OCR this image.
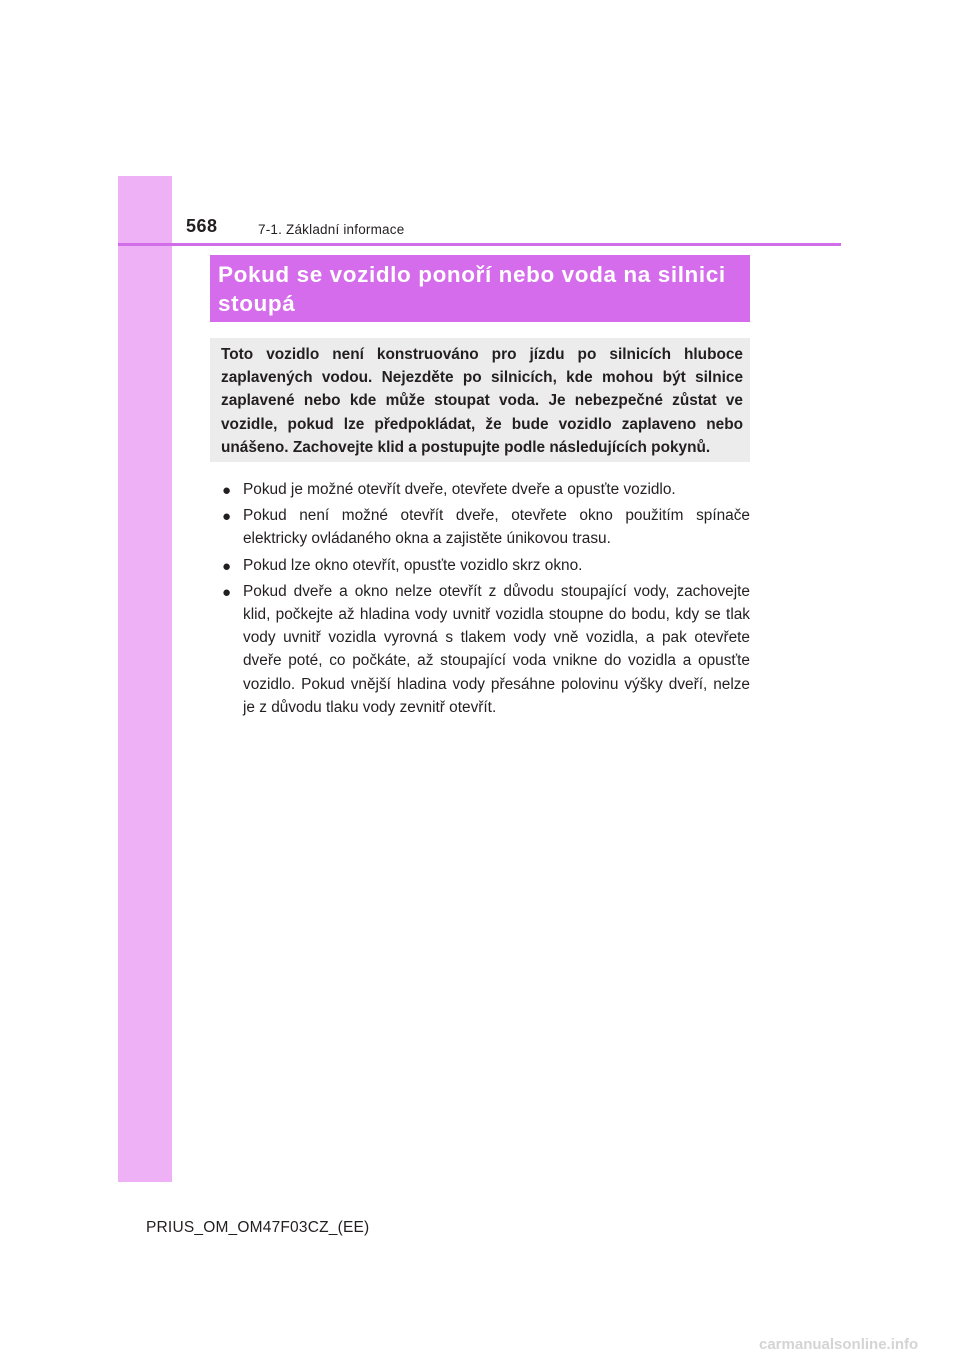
568	7-1. Základní informace
Pokud se vozidlo ponoří nebo voda na silnici stoupá

Toto vozidlo není konstruováno pro jízdu po silnicích hluboce zaplavených vodou. Nejezděte po silnicích, kde mohou být silnice zaplavené nebo kde může stoupat voda. Je nebezpečné zůstat ve vozidle, pokud lze předpokládat, že bude vozidlo zaplaveno nebo unášeno. Zachovejte klid a postupujte podle následujících pokynů.

● Pokud je možné otevřít dveře, otevřete dveře a opusťte vozidlo.
● Pokud není možné otevřít dveře, otevřete okno použitím spínače elektricky ovládaného okna a zajistěte únikovou trasu.
● Pokud lze okno otevřít, opusťte vozidlo skrz okno.
● Pokud dveře a okno nelze otevřít z důvodu stoupající vody, zachovejte klid, počkejte až hladina vody uvnitř vozidla stoupne do bodu, kdy se tlak vody uvnitř vozidla vyrovná s tlakem vody vně vozidla, a pak otevřete dveře poté, co počkáte, až stoupající voda vnikne do vozidla a opusťte vozidlo. Pokud vnější hladina vody přesáhne polovinu výšky dveří, nelze je z důvodu tlaku vody zevnitř otevřít.
PRIUS_OM_OM47F03CZ_(EE)
carmanualsonline.info
